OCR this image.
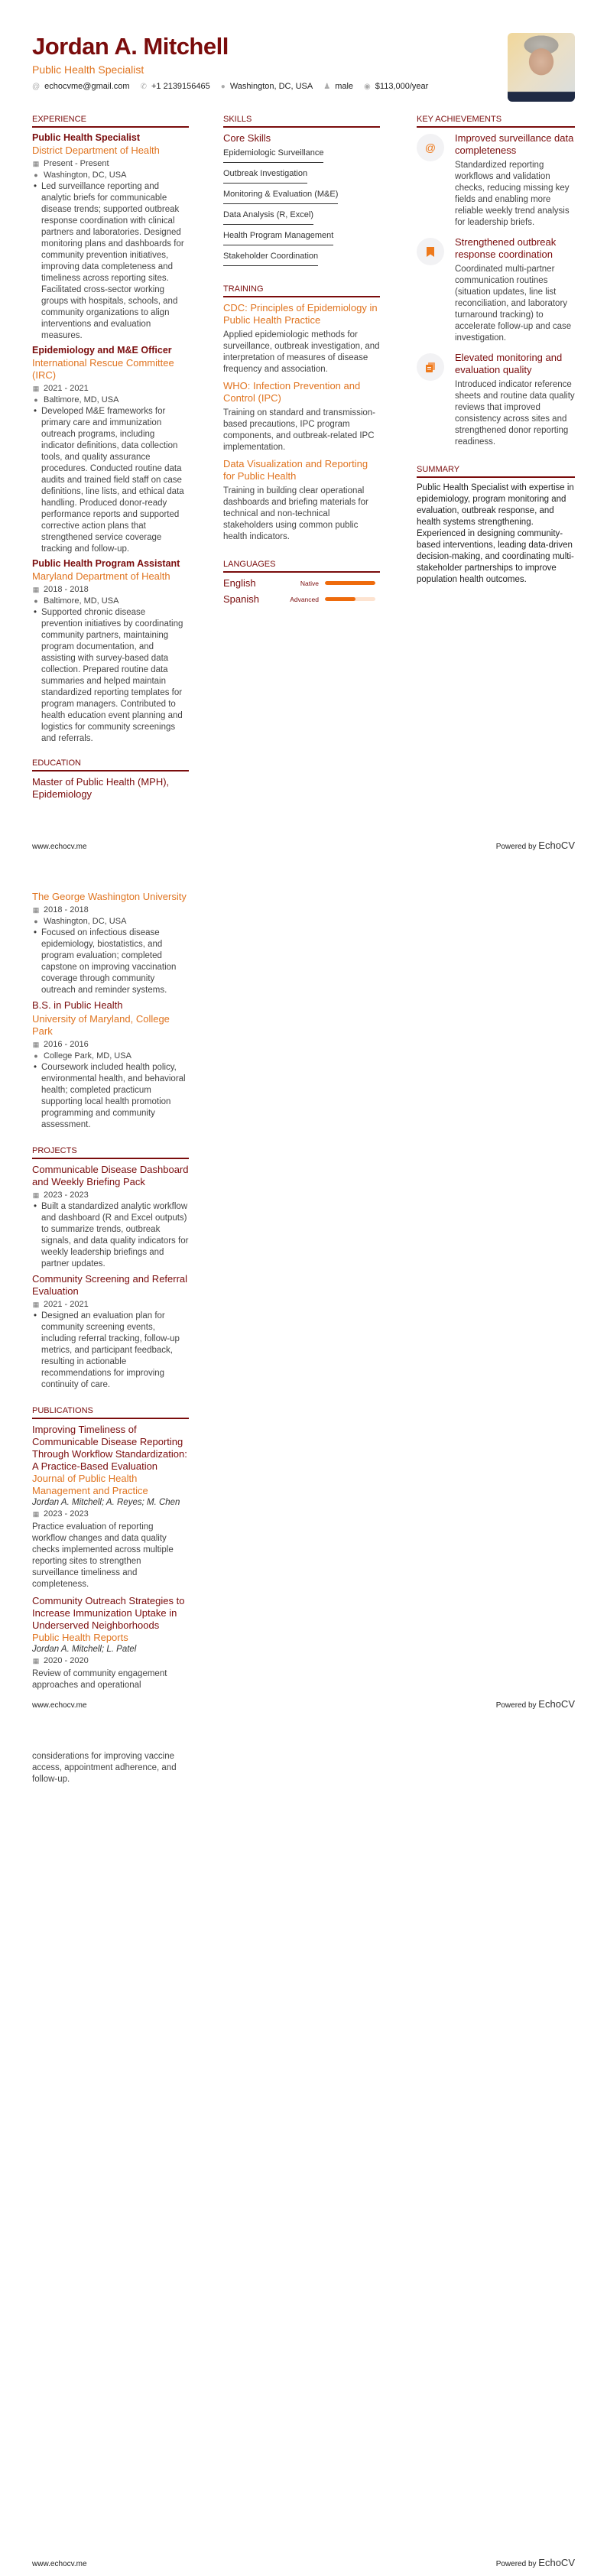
Jordan A. Mitchell
Public Health Specialist
@ echocvme@gmail.com ✆ +1 2139156465 ● Washington, DC, USA ♟ male ◉ $113,000/year
EXPERIENCE
Public Health Specialist
District Department of Health
▦ Present - Present
● Washington, DC, USA
• Led surveillance reporting and analytic briefs for communicable disease trends; supported outbreak response coordination with clinical partners and laboratories. Designed monitoring plans and dashboards for community prevention initiatives, improving data completeness and timeliness across reporting sites. Facilitated cross-sector working groups with hospitals, schools, and community organizations to align interventions and evaluation measures.
Epidemiology and M&E Officer
International Rescue Committee (IRC)
▦ 2021 - 2021
● Baltimore, MD, USA
• Developed M&E frameworks for primary care and immunization outreach programs, including indicator definitions, data collection tools, and quality assurance procedures. Conducted routine data audits and trained field staff on case definitions, line lists, and ethical data handling. Produced donor-ready performance reports and supported corrective action plans that strengthened service coverage tracking and follow-up.
Public Health Program Assistant
Maryland Department of Health
▦ 2018 - 2018
● Baltimore, MD, USA
• Supported chronic disease prevention initiatives by coordinating community partners, maintaining program documentation, and assisting with survey-based data collection. Prepared routine data summaries and helped maintain standardized reporting templates for program managers. Contributed to health education event planning and logistics for community screenings and referrals.
EDUCATION
Master of Public Health (MPH), Epidemiology
SKILLS
Core Skills
Epidemiologic Surveillance
Outbreak Investigation
Monitoring & Evaluation (M&E)
Data Analysis (R, Excel)
Health Program Management
Stakeholder Coordination
TRAINING
CDC: Principles of Epidemiology in Public Health Practice
Applied epidemiologic methods for surveillance, outbreak investigation, and interpretation of measures of disease frequency and association.
WHO: Infection Prevention and Control (IPC)
Training on standard and transmission-based precautions, IPC program components, and outbreak-related IPC implementation.
Data Visualization and Reporting for Public Health
Training in building clear operational dashboards and briefing materials for technical and non-technical stakeholders using common public health indicators.
LANGUAGES
English	Native
Spanish	Advanced
KEY ACHIEVEMENTS
@
Improved surveillance data completeness
Standardized reporting workflows and validation checks, reducing missing key fields and enabling more reliable weekly trend analysis for leadership briefs.
Strengthened outbreak response coordination
Coordinated multi-partner communication routines (situation updates, line list reconciliation, and laboratory turnaround tracking) to accelerate follow-up and case investigation.
Elevated monitoring and evaluation quality
Introduced indicator reference sheets and routine data quality reviews that improved consistency across sites and strengthened donor reporting readiness.
SUMMARY
Public Health Specialist with expertise in epidemiology, program monitoring and evaluation, outbreak response, and health systems strengthening. Experienced in designing community-based interventions, leading data-driven decision-making, and coordinating multi-stakeholder partnerships to improve population health outcomes.
www.echocv.me	Powered by EchoCV
The George Washington University
▦ 2018 - 2018
● Washington, DC, USA
• Focused on infectious disease epidemiology, biostatistics, and program evaluation; completed capstone on improving vaccination coverage through community outreach and reminder systems.
B.S. in Public Health
University of Maryland, College Park
▦ 2016 - 2016
● College Park, MD, USA
• Coursework included health policy, environmental health, and behavioral health; completed practicum supporting local health promotion programming and community assessment.
PROJECTS
Communicable Disease Dashboard and Weekly Briefing Pack
▦ 2023 - 2023
• Built a standardized analytic workflow and dashboard (R and Excel outputs) to summarize trends, outbreak signals, and data quality indicators for weekly leadership briefings and partner updates.
Community Screening and Referral Evaluation
▦ 2021 - 2021
• Designed an evaluation plan for community screening events, including referral tracking, follow-up metrics, and participant feedback, resulting in actionable recommendations for improving continuity of care.
PUBLICATIONS
Improving Timeliness of Communicable Disease Reporting Through Workflow Standardization: A Practice-Based Evaluation
Journal of Public Health Management and Practice
Jordan A. Mitchell; A. Reyes; M. Chen
▦ 2023 - 2023
Practice evaluation of reporting workflow changes and data quality checks implemented across multiple reporting sites to strengthen surveillance timeliness and completeness.
Community Outreach Strategies to Increase Immunization Uptake in Underserved Neighborhoods
Public Health Reports
Jordan A. Mitchell; L. Patel
▦ 2020 - 2020
Review of community engagement approaches and operational
www.echocv.me	Powered by EchoCV
considerations for improving vaccine access, appointment adherence, and follow-up.
www.echocv.me	Powered by EchoCV
